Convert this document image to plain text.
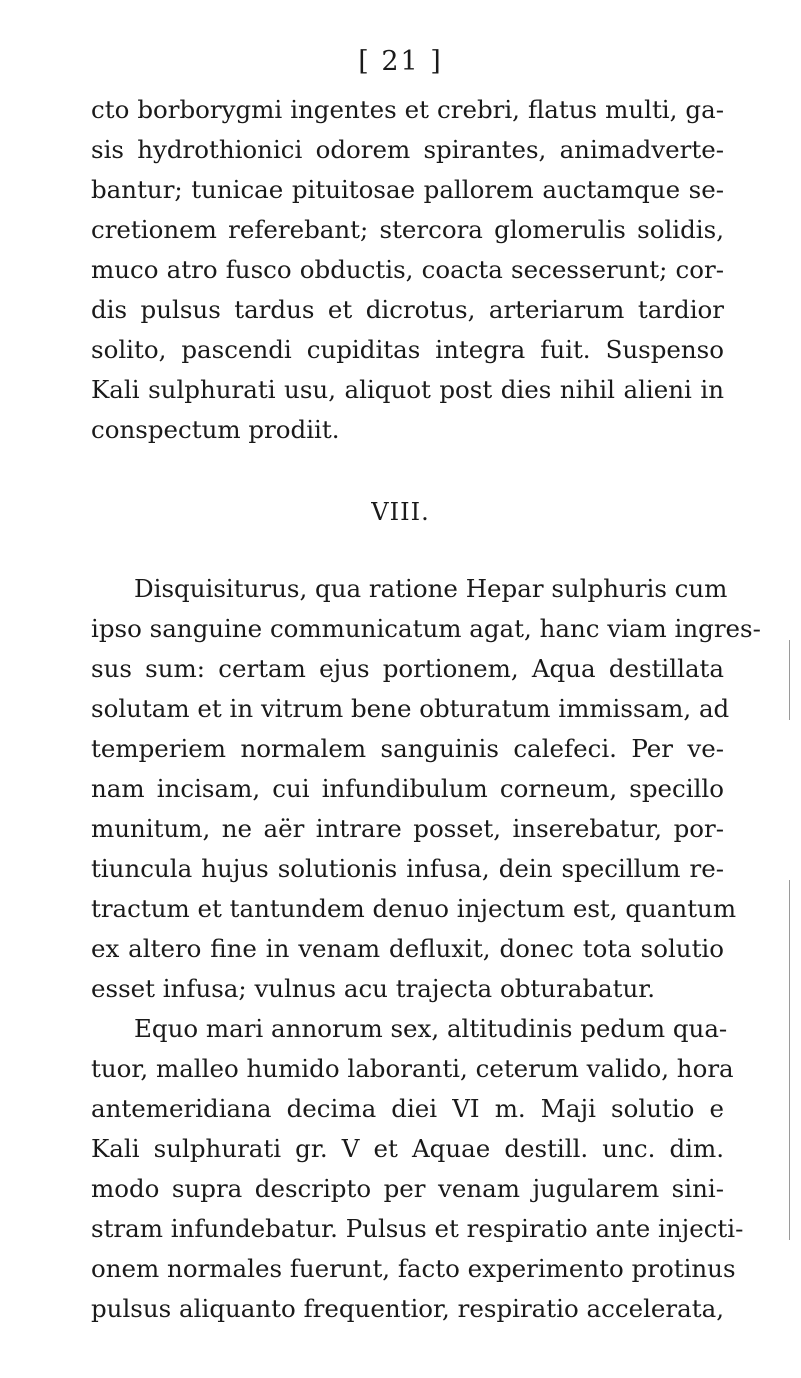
[ 21 ]
cto borborygmi ingentes et crebri, flatus multi, ga-
sis hydrothionici odorem spirantes, animadverte-
bantur; tunicae pituitosae pallorem auctamque se-
cretionem referebant; stercora glomerulis solidis,
muco atro fusco obductis, coacta secesserunt; cor-
dis pulsus tardus et dicrotus, arteriarum tardior
solito, pascendi cupiditas integra fuit. Suspenso
Kali sulphurati usu, aliquot post dies nihil alieni in
conspectum prodiit.
VIII.
Disquisiturus, qua ratione Hepar sulphuris cum
ipso sanguine communicatum agat, hanc viam ingres-
sus sum: certam ejus portionem, Aqua destillata
solutam et in vitrum bene obturatum immissam, ad
temperiem normalem sanguinis calefeci. Per ve-
nam incisam, cui infundibulum corneum, specillo
munitum, ne aër intrare posset, inserebatur, por-
tiuncula hujus solutionis infusa, dein specillum re-
tractum et tantundem denuo injectum est, quantum
ex altero fine in venam defluxit, donec tota solutio
esset infusa; vulnus acu trajecta obturabatur.
Equo mari annorum sex, altitudinis pedum qua-
tuor, malleo humido laboranti, ceterum valido, hora
antemeridiana decima diei VI m. Maji solutio e
Kali sulphurati gr. V et Aquae destill. unc. dim.
modo supra descripto per venam jugularem sini-
stram infundebatur. Pulsus et respiratio ante injecti-
onem normales fuerunt, facto experimento protinus
pulsus aliquanto frequentior, respiratio accelerata,
